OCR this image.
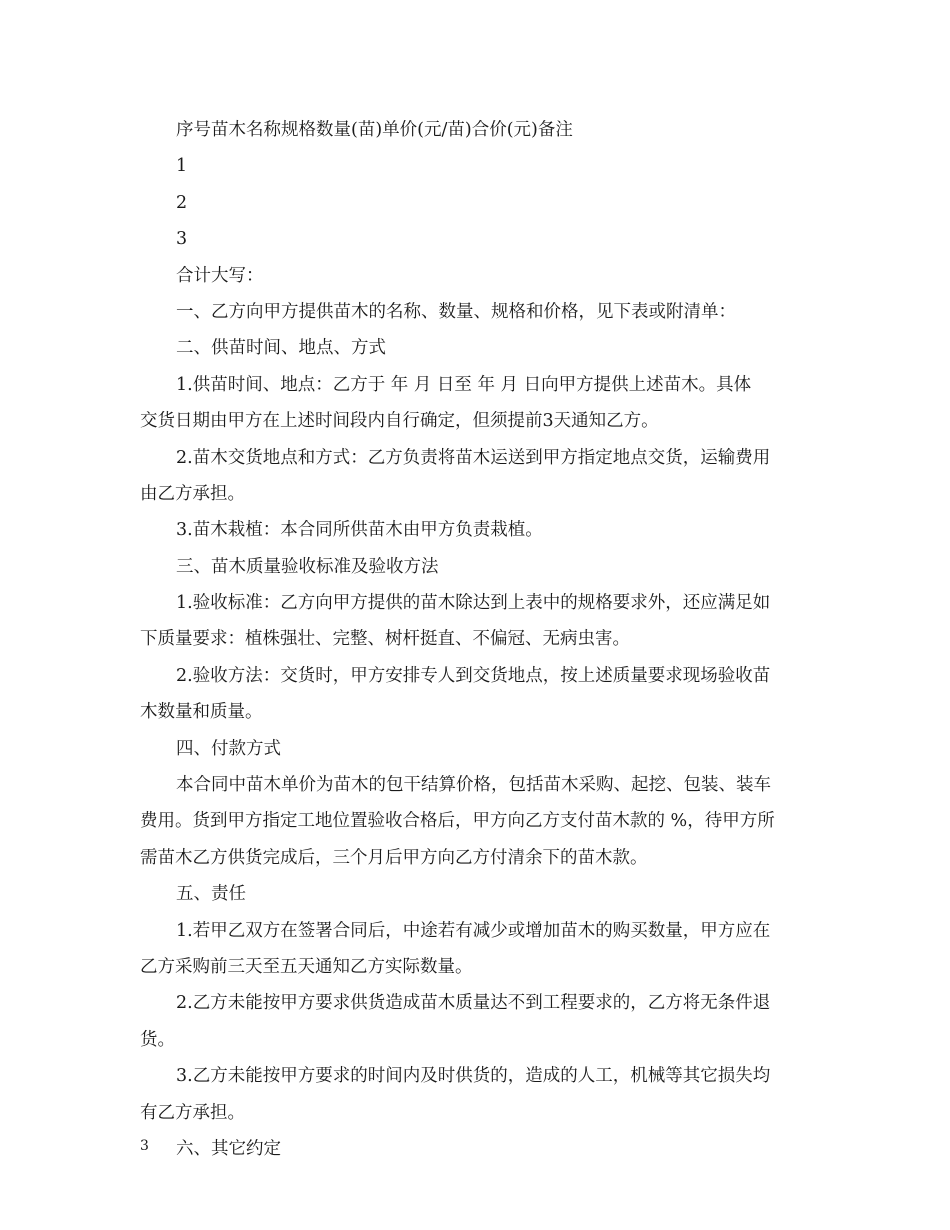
序号苗木名称规格数量(苗)单价(元/苗)合价(元)备注
1
2
3
合计大写：
一、乙方向甲方提供苗木的名称、数量、规格和价格，见下表或附清单：
二、供苗时间、地点、方式
1.供苗时间、地点：乙方于 年 月 日至 年 月 日向甲方提供上述苗木。具体
交货日期由甲方在上述时间段内自行确定，但须提前3天通知乙方。
2.苗木交货地点和方式：乙方负责将苗木运送到甲方指定地点交货，运输费用
由乙方承担。
3.苗木栽植：本合同所供苗木由甲方负责栽植。
三、苗木质量验收标准及验收方法
1.验收标准：乙方向甲方提供的苗木除达到上表中的规格要求外，还应满足如
下质量要求：植株强壮、完整、树杆挺直、不偏冠、无病虫害。
2.验收方法：交货时，甲方安排专人到交货地点，按上述质量要求现场验收苗
木数量和质量。
四、付款方式
本合同中苗木单价为苗木的包干结算价格，包括苗木采购、起挖、包装、装车
费用。货到甲方指定工地位置验收合格后，甲方向乙方支付苗木款的 %，待甲方所
需苗木乙方供货完成后，三个月后甲方向乙方付清余下的苗木款。
五、责任
1.若甲乙双方在签署合同后，中途若有减少或增加苗木的购买数量，甲方应在
乙方采购前三天至五天通知乙方实际数量。
2.乙方未能按甲方要求供货造成苗木质量达不到工程要求的，乙方将无条件退
货。
3.乙方未能按甲方要求的时间内及时供货的，造成的人工，机械等其它损失均
有乙方承担。
六、其它约定
3
